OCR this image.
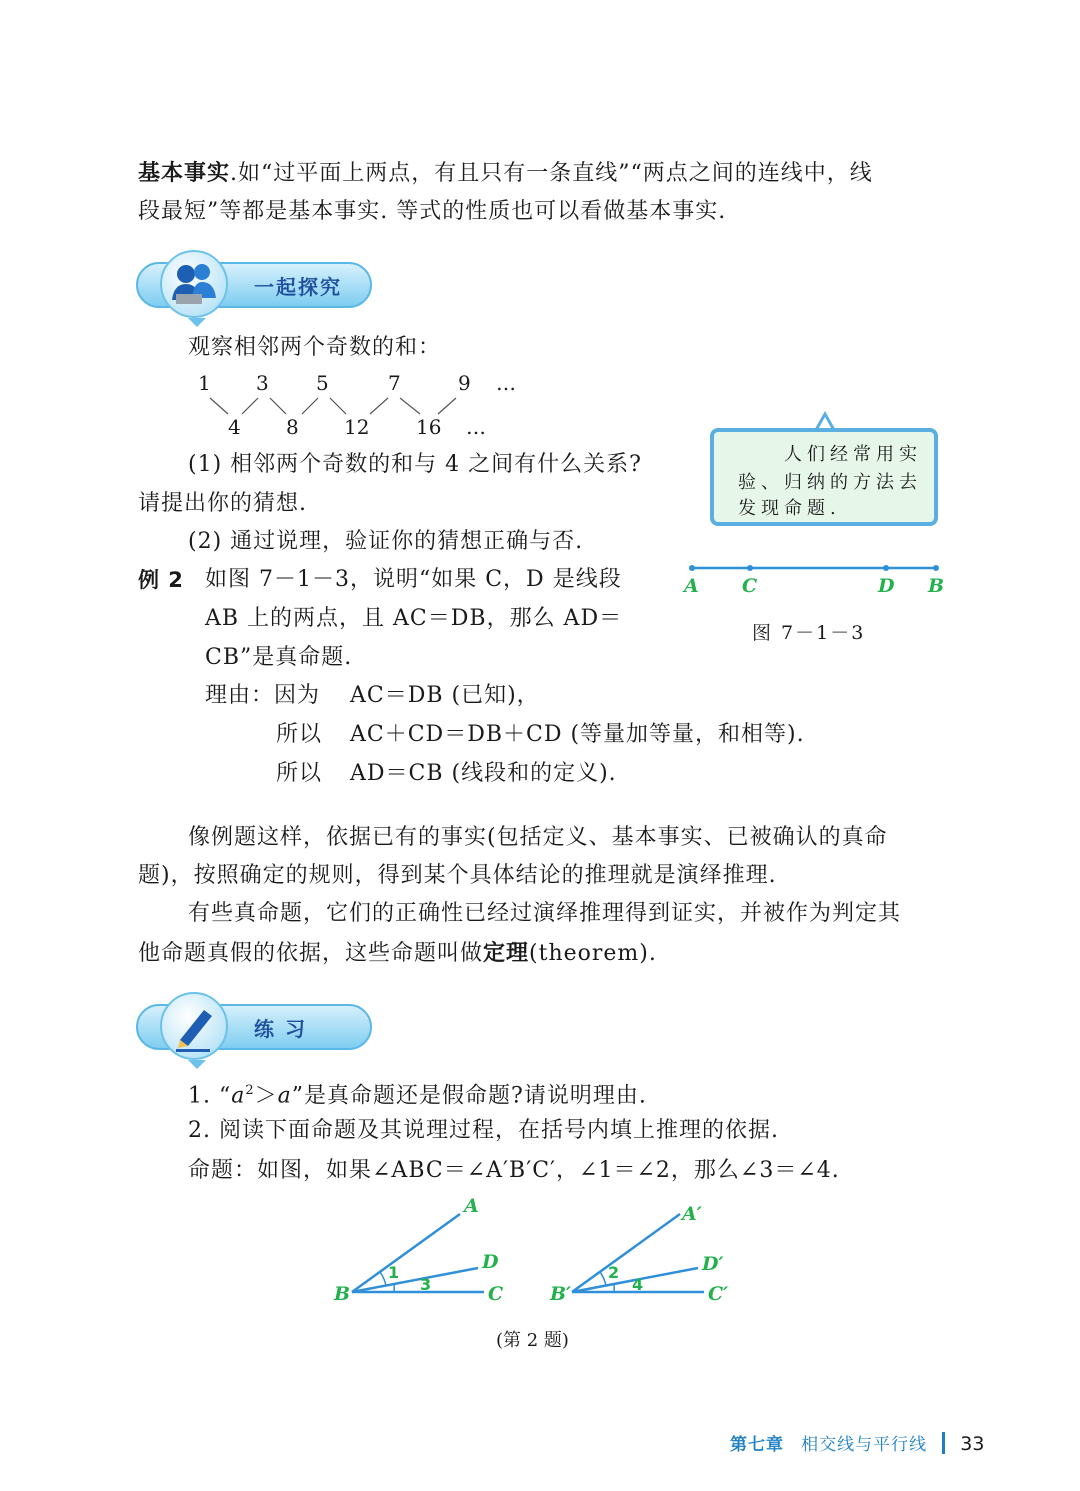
基本事实.如“过平面上两点，有且只有一条直线”“两点之间的连线中，线
段最短”等都是基本事实. 等式的性质也可以看做基本事实.
一起探究
观察相邻两个奇数的和：
1 3 5	7	9 …
4 8 12 16 …
(1) 相邻两个奇数的和与 4 之间有什么关系?
请提出你的猜想.
(2) 通过说理，验证你的猜想正确与否.
人们经常用实
验、归纳的方法去
发现命题.
例 2 如图 7－1－3，说明“如果 C，D 是线段
AB 上的两点，且 AC＝DB，那么 AD＝
CB”是真命题.
A C	D B
图 7－1－3
理由：因为 AC＝DB (已知)，
所以 AC＋CD＝DB＋CD (等量加等量，和相等).
所以 AD＝CB (线段和的定义).
像例题这样，依据已有的事实(包括定义、基本事实、已被确认的真命
题)，按照确定的规则，得到某个具体结论的推理就是演绎推理.
有些真命题，它们的正确性已经过演绎推理得到证实，并被作为判定其
他命题真假的依据，这些命题叫做定理(theorem).
练 习
1. “$a^2>a$”是真命题还是假命题?请说明理由.
2. 阅读下面命题及其说理过程，在括号内填上推理的依据.
命题：如图，如果∠ABC＝∠A′B′C′，∠1＝∠2，那么∠3＝∠4.
A
D
B	C
1
3
A′
D′
B′	C′
2
4
(第 2 题)
第七章 相交线与平行线 33
